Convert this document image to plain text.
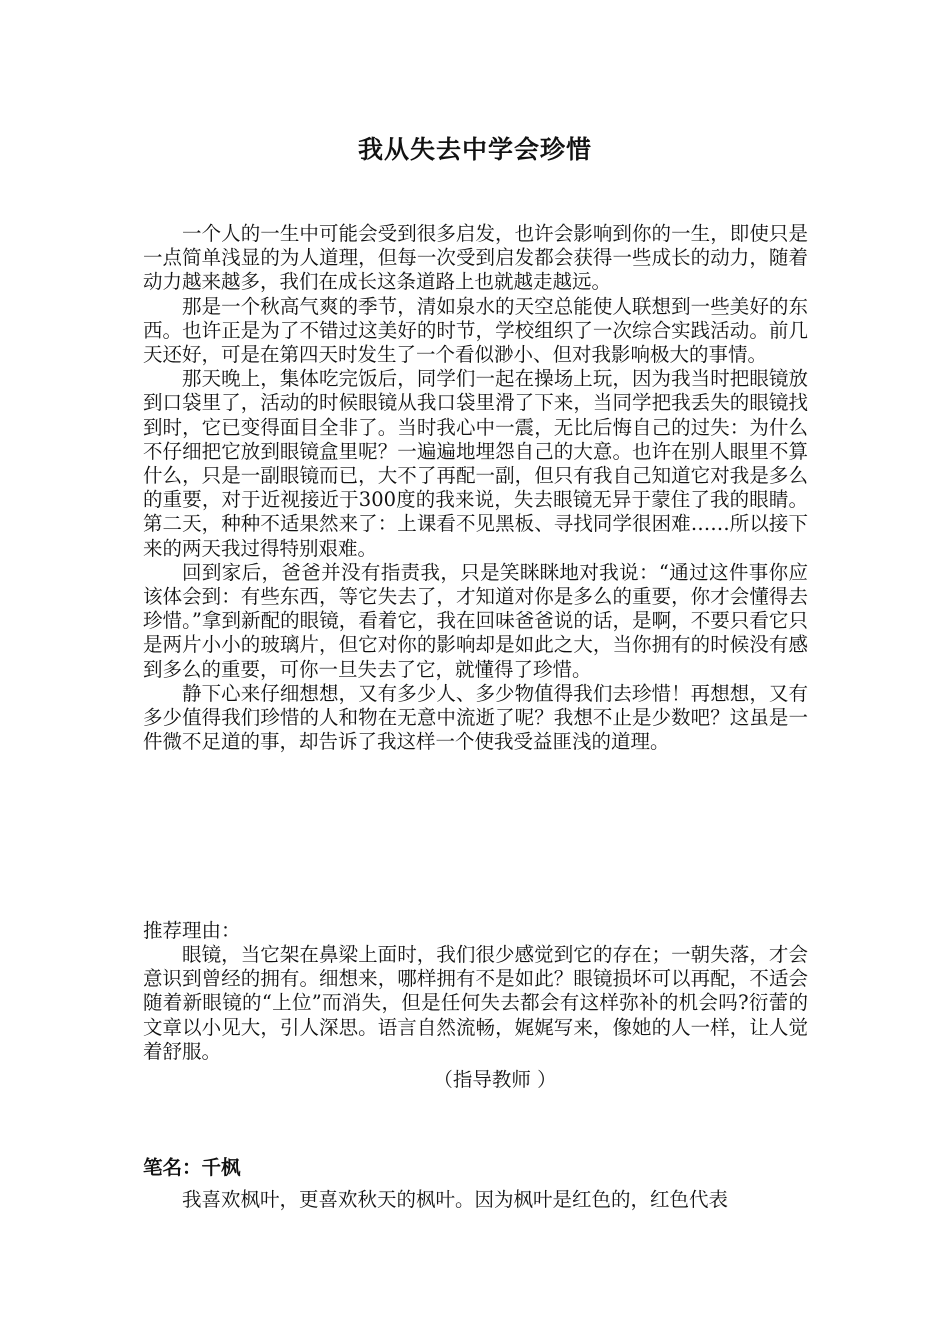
我从失去中学会珍惜

一个人的一生中可能会受到很多启发，也许会影响到你的一生，即使只是一点简单浅显的为人道理，但每一次受到启发都会获得一些成长的动力，随着动力越来越多，我们在成长这条道路上也就越走越远。

那是一个秋高气爽的季节，清如泉水的天空总能使人联想到一些美好的东西。也许正是为了不错过这美好的时节，学校组织了一次综合实践活动。前几天还好，可是在第四天时发生了一个看似渺小、但对我影响极大的事情。

那天晚上，集体吃完饭后，同学们一起在操场上玩，因为我当时把眼镜放到口袋里了，活动的时候眼镜从我口袋里滑了下来，当同学把我丢失的眼镜找到时，它已变得面目全非了。当时我心中一震，无比后悔自己的过失：为什么不仔细把它放到眼镜盒里呢？一遍遍地埋怨自己的大意。也许在别人眼里不算什么，只是一副眼镜而已，大不了再配一副，但只有我自己知道它对我是多么的重要，对于近视接近于300度的我来说，失去眼镜无异于蒙住了我的眼睛。第二天，种种不适果然来了：上课看不见黑板、寻找同学很困难……所以接下来的两天我过得特别艰难。

回到家后，爸爸并没有指责我，只是笑眯眯地对我说：“通过这件事你应该体会到：有些东西，等它失去了，才知道对你是多么的重要，你才会懂得去珍惜。”拿到新配的眼镜，看着它，我在回味爸爸说的话，是啊，不要只看它只是两片小小的玻璃片，但它对你的影响却是如此之大，当你拥有的时候没有感到多么的重要，可你一旦失去了它，就懂得了珍惜。

静下心来仔细想想，又有多少人、多少物值得我们去珍惜！再想想，又有多少值得我们珍惜的人和物在无意中流逝了呢？我想不止是少数吧？这虽是一件微不足道的事，却告诉了我这样一个使我受益匪浅的道理。

推荐理由：

眼镜，当它架在鼻梁上面时，我们很少感觉到它的存在；一朝失落，才会意识到曾经的拥有。细想来，哪样拥有不是如此？眼镜损坏可以再配，不适会随着新眼镜的“上位”而消失，但是任何失去都会有这样弥补的机会吗?衍蕾的文章以小见大，引人深思。语言自然流畅，娓娓写来，像她的人一样，让人觉着舒服。

（指导教师 ）
笔名：千枫

我喜欢枫叶，更喜欢秋天的枫叶。因为枫叶是红色的，红色代表
